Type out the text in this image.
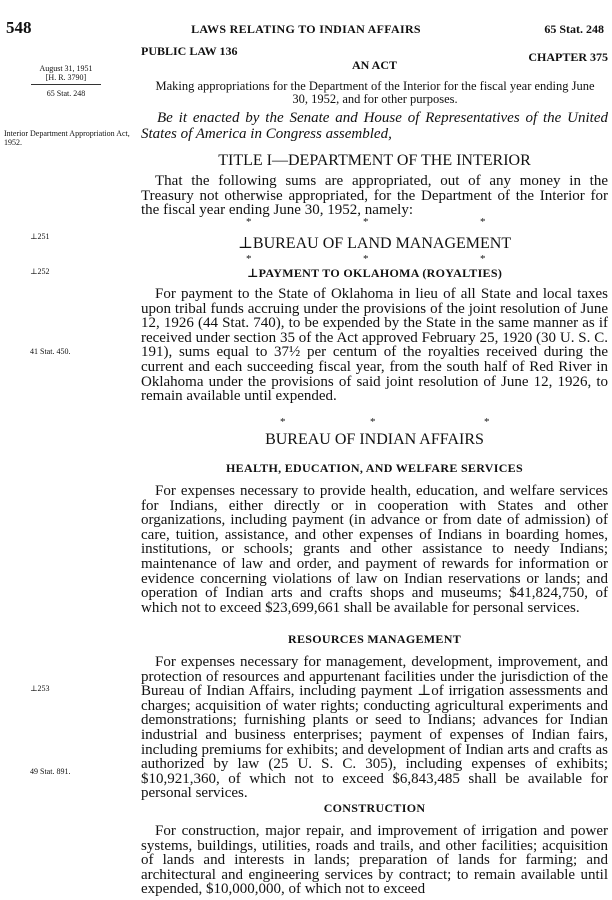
548	LAWS RELATING TO INDIAN AFFAIRS	65 Stat. 248
August 31, 1951
[H. R. 3790]
65 Stat. 248
Interior Department Appropriation Act, 1952.
⊥251
⊥252
41 Stat. 450.
⊥253
49 Stat. 891.
PUBLIC LAW 136
AN ACT
CHAPTER 375
Making appropriations for the Department of the Interior for the fiscal year ending June 30, 1952, and for other purposes.
Be it enacted by the Senate and House of Representatives of the United States of America in Congress assembled,
TITLE I—DEPARTMENT OF THE INTERIOR
That the following sums are appropriated, out of any money in the Treasury not otherwise appropriated, for the Department of the Interior for the fiscal year ending June 30, 1952, namely:
*	*	*
⊥BUREAU OF LAND MANAGEMENT
*	*	*
⊥PAYMENT TO OKLAHOMA (ROYALTIES)
For payment to the State of Oklahoma in lieu of all State and local taxes upon tribal funds accruing under the provisions of the joint resolution of June 12, 1926 (44 Stat. 740), to be expended by the State in the same manner as if received under section 35 of the Act approved February 25, 1920 (30 U. S. C. 191), sums equal to 37½ per centum of the royalties received during the current and each succeeding fiscal year, from the south half of Red River in Oklahoma under the provisions of said joint resolution of June 12, 1926, to remain available until expended.
*	*	*
BUREAU OF INDIAN AFFAIRS
HEALTH, EDUCATION, AND WELFARE SERVICES
For expenses necessary to provide health, education, and welfare services for Indians, either directly or in cooperation with States and other organizations, including payment (in advance or from date of admission) of care, tuition, assistance, and other expenses of Indians in boarding homes, institutions, or schools; grants and other assistance to needy Indians; maintenance of law and order, and payment of rewards for information or evidence concerning violations of law on Indian reservations or lands; and operation of Indian arts and crafts shops and museums; $41,824,750, of which not to exceed $23,699,661 shall be available for personal services.
RESOURCES MANAGEMENT
For expenses necessary for management, development, improvement, and protection of resources and appurtenant facilities under the jurisdiction of the Bureau of Indian Affairs, including payment ⊥of irrigation assessments and charges; acquisition of water rights; conducting agricultural experiments and demonstrations; furnishing plants or seed to Indians; advances for Indian industrial and business enterprises; payment of expenses of Indian fairs, including premiums for exhibits; and development of Indian arts and crafts as authorized by law (25 U. S. C. 305), including expenses of exhibits; $10,921,360, of which not to exceed $6,843,485 shall be available for personal services.
CONSTRUCTION
For construction, major repair, and improvement of irrigation and power systems, buildings, utilities, roads and trails, and other facilities; acquisition of lands and interests in lands; preparation of lands for farming; and architectural and engineering services by contract; to remain available until expended, $10,000,000, of which not to exceed
